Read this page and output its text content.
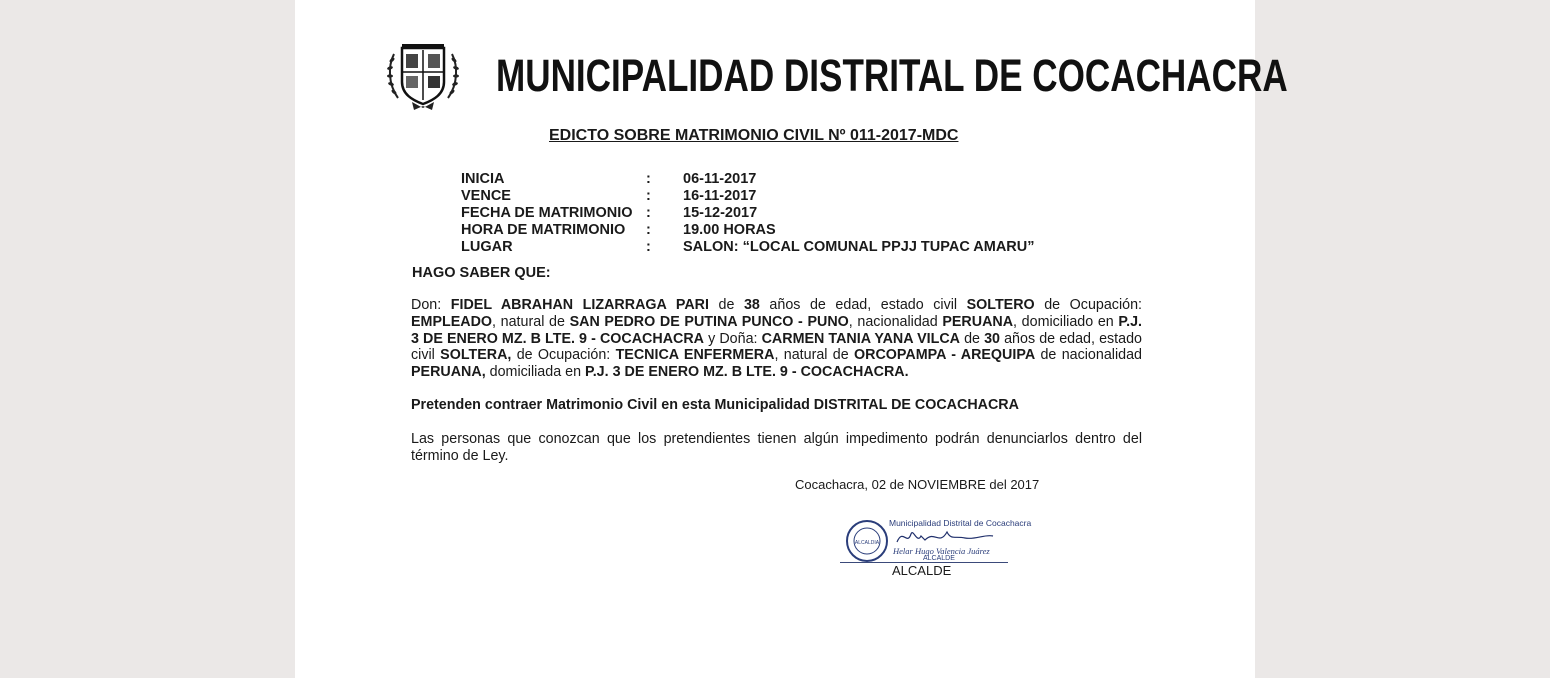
MUNICIPALIDAD DISTRITAL DE COCACHACRA
EDICTO SOBRE MATRIMONIO CIVIL Nº 011-2017-MDC
INICIA	: 06-11-2017
VENCE	: 16-11-2017
FECHA DE MATRIMONIO : 15-12-2017
HORA DE MATRIMONIO : 19.00 HORAS
LUGAR	: SALON: “LOCAL COMUNAL PPJJ TUPAC AMARU”
HAGO SABER QUE:
Don: FIDEL ABRAHAN LIZARRAGA PARI de 38 años de edad, estado civil SOLTERO de Ocupación: EMPLEADO, natural de SAN PEDRO DE PUTINA PUNCO - PUNO, nacionalidad PERUANA, domiciliado en P.J. 3 DE ENERO MZ. B LTE. 9 - COCACHACRA y Doña: CARMEN TANIA YANA VILCA de 30 años de edad, estado civil SOLTERA, de Ocupación: TECNICA ENFERMERA, natural de ORCOPAMPA - AREQUIPA de nacionalidad PERUANA, domiciliada en P.J. 3 DE ENERO MZ. B LTE. 9 - COCACHACRA.
Pretenden contraer Matrimonio Civil en esta Municipalidad DISTRITAL DE COCACHACRA
Las personas que conozcan que los pretendientes tienen algún impedimento podrán denunciarlos dentro del término de Ley.
Cocachacra, 02 de NOVIEMBRE del 2017
ALCALDIA
Municipalidad Distrital de Cocachacra
Helar Hugo Valencia Juárez
ALCALDE
ALCALDE
